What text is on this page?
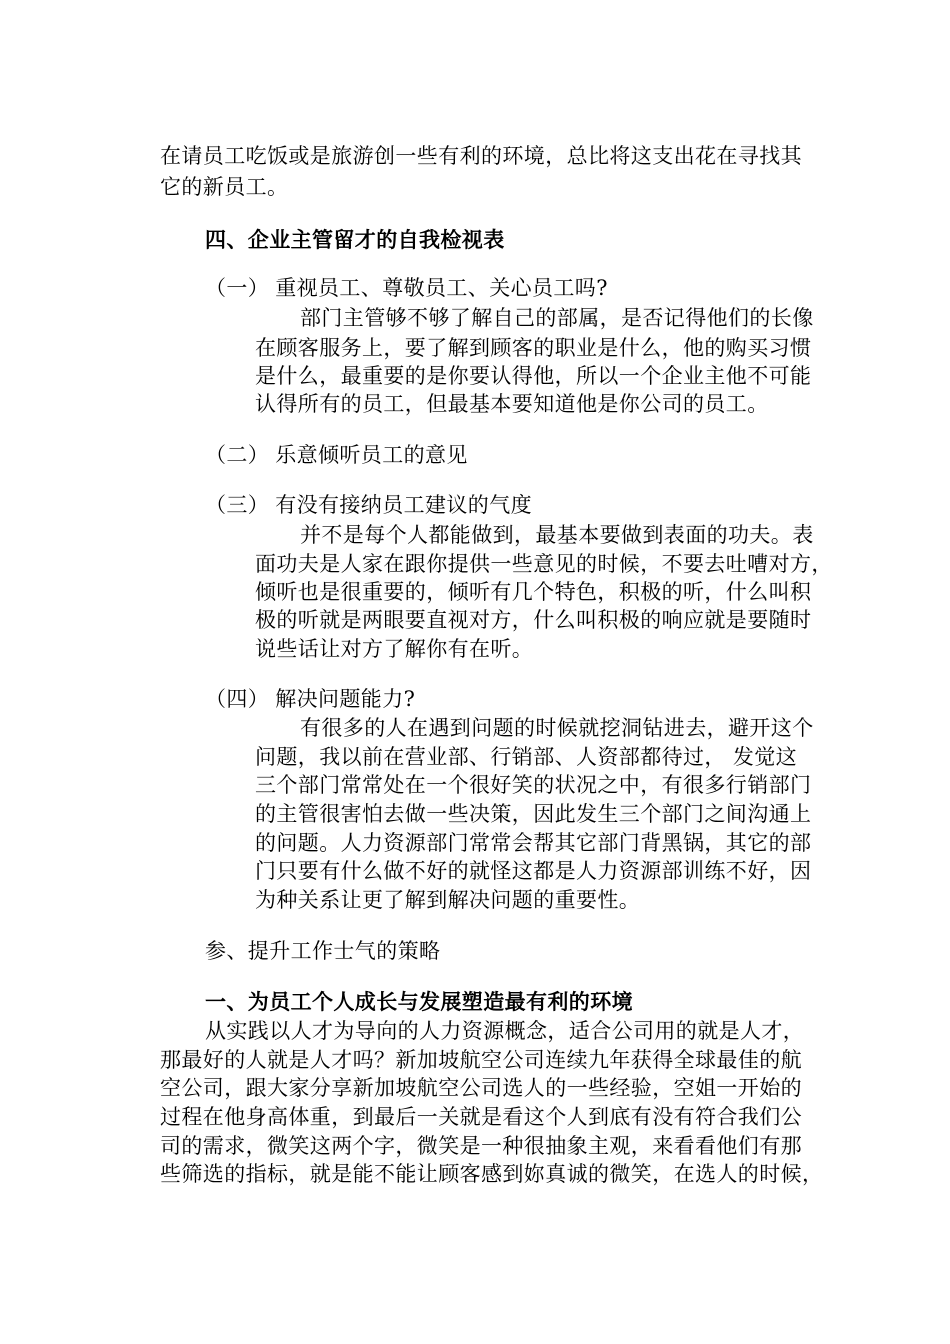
在请员工吃饭或是旅游创一些有利的环境，总比将这支出花在寻找其
它的新员工。
四、企业主管留才的自我检视表
（一） 重视员工、尊敬员工、关心员工吗?
部门主管够不够了解自己的部属，是否记得他们的长像
在顾客服务上，要了解到顾客的职业是什么，他的购买习惯
是什么，最重要的是你要认得他，所以一个企业主他不可能
认得所有的员工，但最基本要知道他是你公司的员工。
（二） 乐意倾听员工的意见
（三） 有没有接纳员工建议的气度
并不是每个人都能做到，最基本要做到表面的功夫。表
面功夫是人家在跟你提供一些意见的时候，不要去吐嘈对方，
倾听也是很重要的，倾听有几个特色，积极的听，什么叫积
极的听就是两眼要直视对方，什么叫积极的响应就是要随时
说些话让对方了解你有在听。
（四） 解决问题能力?
有很多的人在遇到问题的时候就挖洞钻进去，避开这个
问题，我以前在营业部、行销部、人资部都待过， 发觉这
三个部门常常处在一个很好笑的状况之中，有很多行销部门
的主管很害怕去做一些决策，因此发生三个部门之间沟通上
的问题。人力资源部门常常会帮其它部门背黑锅，其它的部
门只要有什么做不好的就怪这都是人力资源部训练不好，因
为种关系让更了解到解决问题的重要性。
参、提升工作士气的策略
一、为员工个人成长与发展塑造最有利的环境
从实践以人才为导向的人力资源概念，适合公司用的就是人才，
那最好的人就是人才吗？新加坡航空公司连续九年获得全球最佳的航
空公司，跟大家分享新加坡航空公司选人的一些经验，空姐一开始的
过程在他身高体重，到最后一关就是看这个人到底有没有符合我们公
司的需求，微笑这两个字，微笑是一种很抽象主观，来看看他们有那
些筛选的指标，就是能不能让顾客感到妳真诚的微笑，在选人的时候，
